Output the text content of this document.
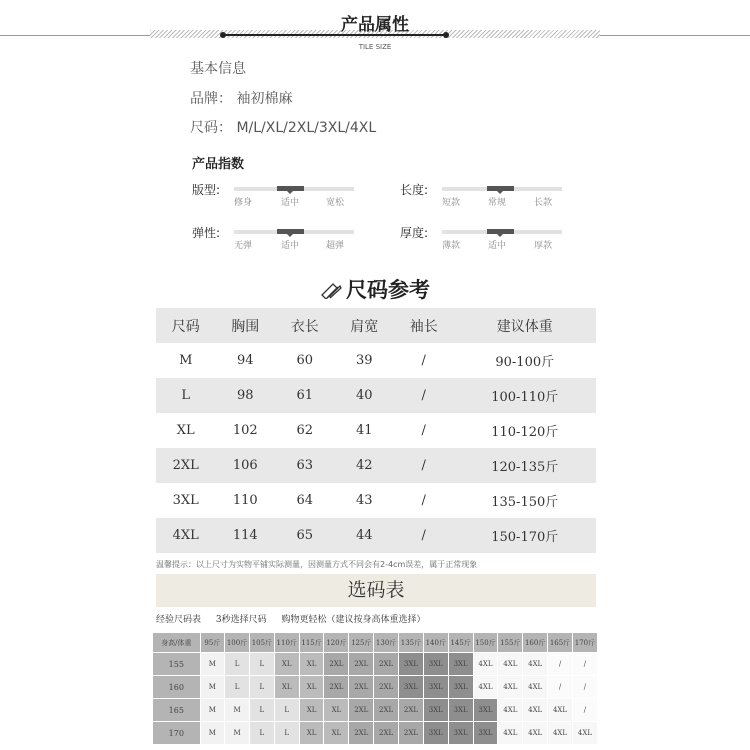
产品属性
TILE SIZE
基本信息
品牌： 袖初棉麻
尺码： M/L/XL/2XL/3XL/4XL
产品指数
版型:
修身	适中	宽松
长度:
短款	常规	长款
弹性:
无弹	适中	超弹
厚度:
薄款	适中	厚款
尺码参考
尺码	胸围	衣长	肩宽	袖长	建议体重
M	94	60	39	/	90-100斤
L	98	61	40	/	100-110斤
XL	102	62	41	/	110-120斤
2XL	106	63	42	/	120-135斤
3XL	110	64	43	/	135-150斤
4XL	114	65	44	/	150-170斤
温馨提示：以上尺寸为实物平铺实际测量，因测量方式不同会有2-4cm误差，属于正常现象
选码表
经验尺码表 3秒选择尺码 购物更轻松（建议按身高体重选择）
身高/体重	95斤	100斤	105斤	110斤	115斤	120斤	125斤	130斤	135斤	140斤	145斤	150斤	155斤	160斤	165斤	170斤
155	M	L	L	XL	XL	2XL	2XL	2XL	3XL	3XL	3XL	4XL	4XL	4XL	/	/
160	M	L	L	XL	XL	2XL	2XL	2XL	3XL	3XL	3XL	4XL	4XL	4XL	/	/
165	M	M	L	L	XL	XL	2XL	2XL	2XL	3XL	3XL	3XL	4XL	4XL	4XL	/
170	M	M	L	L	XL	XL	2XL	2XL	2XL	3XL	3XL	3XL	4XL	4XL	4XL	4XL
